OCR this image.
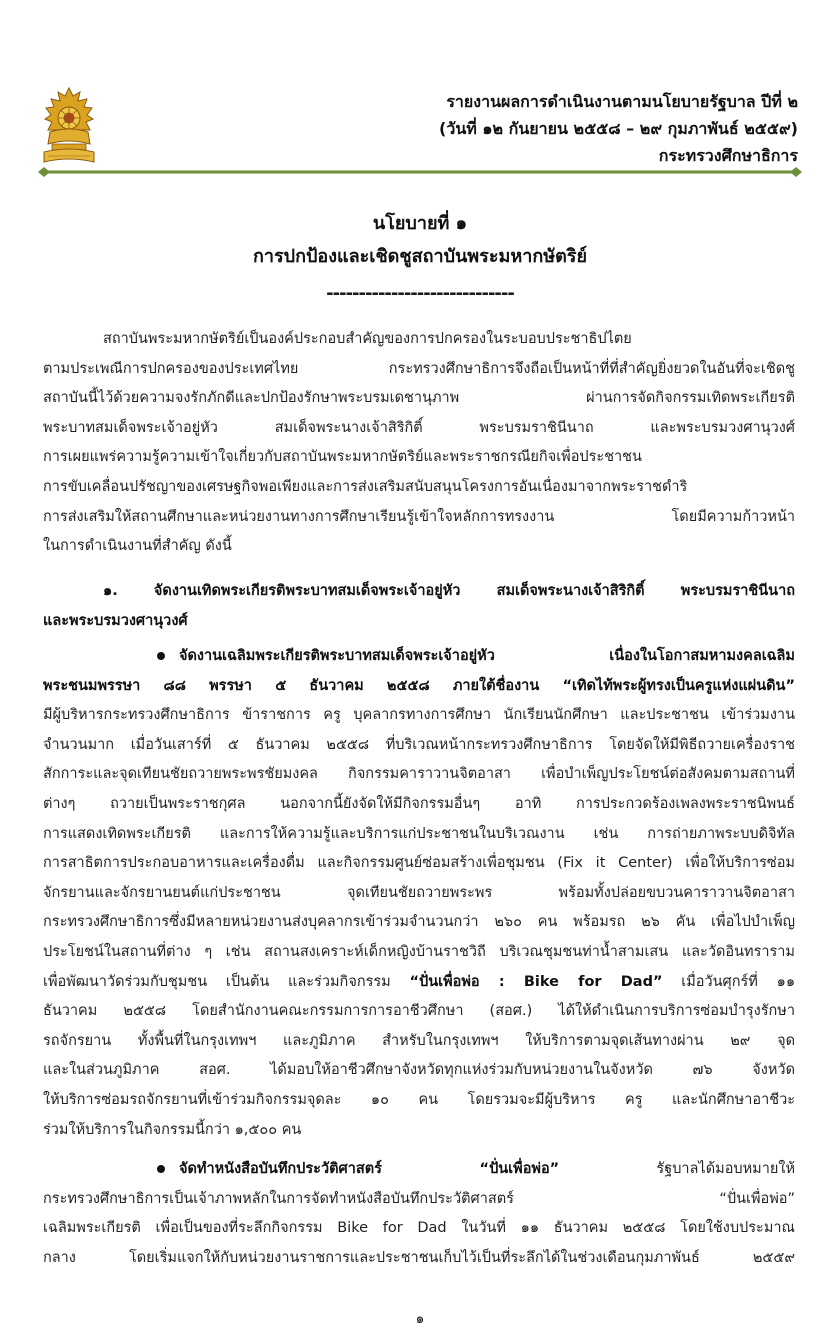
รายงานผลการดำเนินงานตามนโยบายรัฐบาล ปีที่ ๒
(วันที่ ๑๒ กันยายน ๒๕๕๘ – ๒๙ กุมภาพันธ์ ๒๕๕๙)
กระทรวงศึกษาธิการ
นโยบายที่ ๑
การปกป้องและเชิดชูสถาบันพระมหากษัตริย์
-----------------------------
สถาบันพระมหากษัตริย์เป็นองค์ประกอบสำคัญของการปกครองในระบอบประชาธิปไตย
ตามประเพณีการปกครองของประเทศไทย กระทรวงศึกษาธิการจึงถือเป็นหน้าที่ที่สำคัญยิ่งยวดในอันที่จะเชิดชู
สถาบันนี้ไว้ด้วยความจงรักภักดีและปกป้องรักษาพระบรมเดชานุภาพ ผ่านการจัดกิจกรรมเทิดพระเกียรติ
พระบาทสมเด็จพระเจ้าอยู่หัว สมเด็จพระนางเจ้าสิริกิติ์ พระบรมราชินีนาถ และพระบรมวงศานุวงศ์
การเผยแพร่ความรู้ความเข้าใจเกี่ยวกับสถาบันพระมหากษัตริย์และพระราชกรณียกิจเพื่อประชาชน
การขับเคลื่อนปรัชญาของเศรษฐกิจพอเพียงและการส่งเสริมสนับสนุนโครงการอันเนื่องมาจากพระราชดำริ
การส่งเสริมให้สถานศึกษาและหน่วยงานทางการศึกษาเรียนรู้เข้าใจหลักการทรงงาน โดยมีความก้าวหน้า
ในการดำเนินงานที่สำคัญ ดังนี้
๑. จัดงานเทิดพระเกียรติพระบาทสมเด็จพระเจ้าอยู่หัว สมเด็จพระนางเจ้าสิริกิติ์ พระบรมราชินีนาถ
และพระบรมวงศานุวงศ์
จัดงานเฉลิมพระเกียรติพระบาทสมเด็จพระเจ้าอยู่หัว เนื่องในโอกาสมหามงคลเฉลิม
พระชนมพรรษา ๘๘ พรรษา ๕ ธันวาคม ๒๕๕๘ ภายใต้ชื่องาน “เทิดไท้พระผู้ทรงเป็นครูแห่งแผ่นดิน”
มีผู้บริหารกระทรวงศึกษาธิการ ข้าราชการ ครู บุคลากรทางการศึกษา นักเรียนนักศึกษา และประชาชน เข้าร่วมงาน
จำนวนมาก เมื่อวันเสาร์ที่ ๕ ธันวาคม ๒๕๕๘ ที่บริเวณหน้ากระทรวงศึกษาธิการ โดยจัดให้มีพิธีถวายเครื่องราช
สักการะและจุดเทียนชัยถวายพระพรชัยมงคล กิจกรรมคาราวานจิตอาสา เพื่อบำเพ็ญประโยชน์ต่อสังคมตามสถานที่
ต่างๆ ถวายเป็นพระราชกุศล นอกจากนี้ยังจัดให้มีกิจกรรมอื่นๆ อาทิ การประกวดร้องเพลงพระราชนิพนธ์
การแสดงเทิดพระเกียรติ และการให้ความรู้และบริการแก่ประชาชนในบริเวณงาน เช่น การถ่ายภาพระบบดิจิทัล
การสาธิตการประกอบอาหารและเครื่องดื่ม และกิจกรรมศูนย์ซ่อมสร้างเพื่อชุมชน (Fix it Center) เพื่อให้บริการซ่อม
จักรยานและจักรยานยนต์แก่ประชาชน จุดเทียนชัยถวายพระพร พร้อมทั้งปล่อยขบวนคาราวานจิตอาสา
กระทรวงศึกษาธิการซึ่งมีหลายหน่วยงานส่งบุคลากรเข้าร่วมจำนวนกว่า ๒๖๐ คน พร้อมรถ ๒๖ คัน เพื่อไปบำเพ็ญ
ประโยชน์ในสถานที่ต่าง ๆ เช่น สถานสงเคราะห์เด็กหญิงบ้านราชวิถี บริเวณชุมชนท่าน้ำสามเสน และวัดอินทราราม
เพื่อพัฒนาวัดร่วมกับชุมชน เป็นต้น และร่วมกิจกรรม “ปั่นเพื่อพ่อ : Bike for Dad” เมื่อวันศุกร์ที่ ๑๑
ธันวาคม ๒๕๕๘ โดยสำนักงานคณะกรรมการการอาชีวศึกษา (สอศ.) ได้ให้ดำเนินการบริการซ่อมบำรุงรักษา
รถจักรยาน ทั้งพื้นที่ในกรุงเทพฯ และภูมิภาค สำหรับในกรุงเทพฯ ให้บริการตามจุดเส้นทางผ่าน ๒๙ จุด
และในส่วนภูมิภาค สอศ. ได้มอบให้อาชีวศึกษาจังหวัดทุกแห่งร่วมกับหน่วยงานในจังหวัด ๗๖ จังหวัด
ให้บริการซ่อมรถจักรยานที่เข้าร่วมกิจกรรมจุดละ ๑๐ คน โดยรวมจะมีผู้บริหาร ครู และนักศึกษาอาชีวะ
ร่วมให้บริการในกิจกรรมนี้กว่า ๑,๕๐๐ คน
จัดทำหนังสือบันทึกประวัติศาสตร์ “ปั่นเพื่อพ่อ”	รัฐบาลได้มอบหมายให้
กระทรวงศึกษาธิการเป็นเจ้าภาพหลักในการจัดทำหนังสือบันทึกประวัติศาสตร์ “ปั่นเพื่อพ่อ”
เฉลิมพระเกียรติ เพื่อเป็นของที่ระลึกกิจกรรม Bike for Dad ในวันที่ ๑๑ ธันวาคม ๒๕๕๘ โดยใช้งบประมาณ
กลาง โดยเริ่มแจกให้กับหน่วยงานราชการและประชาชนเก็บไว้เป็นที่ระลึกได้ในช่วงเดือนกุมภาพันธ์ ๒๕๕๙
๑
